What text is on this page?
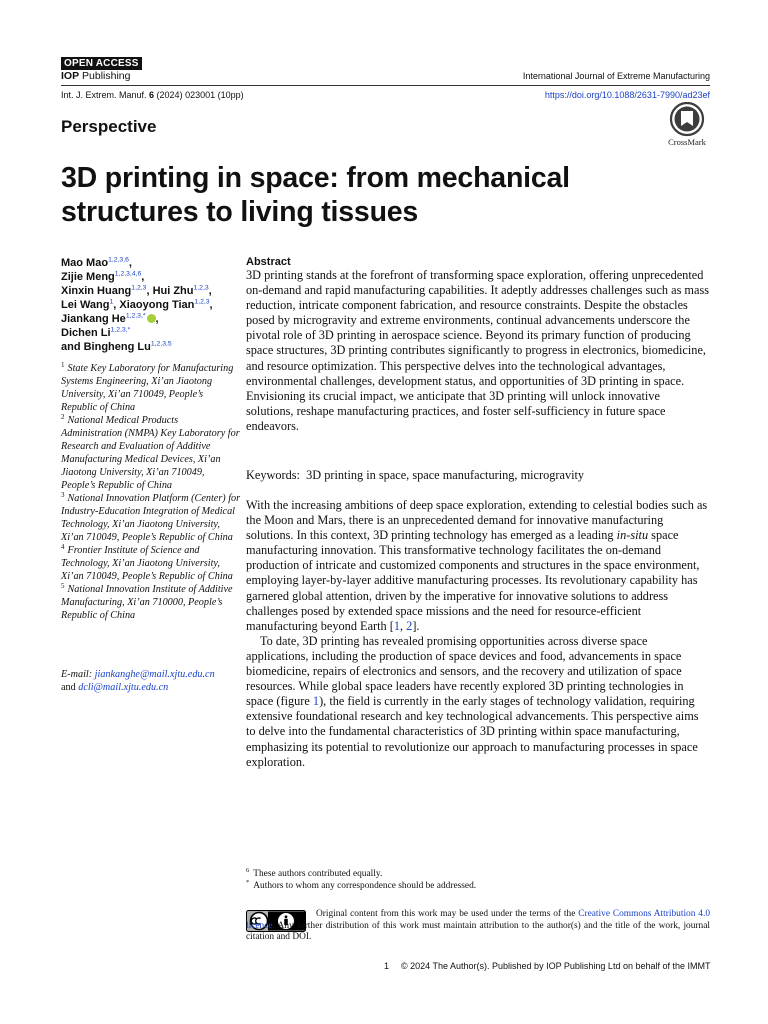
OPEN ACCESS
IOP Publishing	International Journal of Extreme Manufacturing
Int. J. Extrem. Manuf. 6 (2024) 023001 (10pp)	https://doi.org/10.1088/2631-7990/ad23ef
Perspective
CrossMark
3D printing in space: from mechanical structures to living tissues
Mao Mao$^{1,2,3,6}$,
Zijie Meng$^{1,2,3,4,6}$,
Xinxin Huang$^{1,2,3}$, Hui Zhu$^{1,2,3}$,
Lei Wang$^1$, Xiaoyong Tian$^{1,2,3}$,
Jiankang $He^{1,2,3,*}$ ,
Dichen $Li^{1,2,3,*}$
and Bingheng Lu$^{1,2,3,5}$
$^1$ State Key Laboratory for Manufacturing Systems Engineering, Xi’an Jiaotong University, Xi’an 710049, People’s Republic of China
$^2$ National Medical Products Administration (NMPA) Key Laboratory for Research and Evaluation of Additive Manufacturing Medical Devices, Xi’an Jiaotong University, Xi’an 710049, People’s Republic of China
$^3$ National Innovation Platform (Center) for Industry-Education Integration of Medical Technology, Xi’an Jiaotong University, Xi’an 710049, People’s Republic of China
$^4$ Frontier Institute of Science and Technology, Xi’an Jiaotong University, Xi’an 710049, People’s Republic of China
$^5$ National Innovation Institute of Additive Manufacturing, Xi’an 710000, People’s Republic of China
E-mail: jiankanghe@mail.xjtu.edu.cn
and dcli@mail.xjtu.edu.cn
Abstract
3D printing stands at the forefront of transforming space exploration, offering unprecedented on-demand and rapid manufacturing capabilities. It adeptly addresses challenges such as mass reduction, intricate component fabrication, and resource constraints. Despite the obstacles posed by microgravity and extreme environments, continual advancements underscore the pivotal role of 3D printing in aerospace science. Beyond its primary function of producing space structures, 3D printing contributes significantly to progress in electronics, biomedicine, and resource optimization. This perspective delves into the technological advantages, environmental challenges, development status, and opportunities of 3D printing in space. Envisioning its crucial impact, we anticipate that 3D printing will unlock innovative solutions, reshape manufacturing practices, and foster self-sufficiency in future space endeavors.
Keywords: 3D printing in space, space manufacturing, microgravity

With the increasing ambitions of deep space exploration, extending to celestial bodies such as the Moon and Mars, there is an unprecedented demand for innovative manufacturing solutions. In this context, 3D printing technology has emerged as a leading in-situ space manufacturing innovation. This transformative technology facilitates the on-demand production of intricate and customized components and structures in the space environment, employing layer-by-layer additive manufacturing processes. Its revolutionary capability has garnered global attention, driven by the imperative for innovative solutions to address challenges posed by extended space missions and the need for resource-efficient manufacturing beyond Earth [1, 2].

To date, 3D printing has revealed promising opportunities across diverse space applications, including the production of space devices and food, advancements in space biomedicine, repairs of electronics and sensors, and the recovery and utilization of space resources. While global space leaders have recently explored 3D printing technologies in space (figure 1), the field is currently in the early stages of technology validation, requiring extensive foundational research and key technological advancements. This perspective aims to delve into the fundamental characteristics of 3D printing within space manufacturing, emphasizing its potential to revolutionize our approach to manufacturing processes in space exploration.

$^6$ These authors contributed equally.
* Authors to whom any correspondence should be addressed.
Original content from this work may be used under the terms of the Creative Commons Attribution 4.0 licence. Any further distribution of this work must maintain attribution to the author(s) and the title of the work, journal citation and DOI.
1 © 2024 The Author(s). Published by IOP Publishing Ltd on behalf of the IMMT
